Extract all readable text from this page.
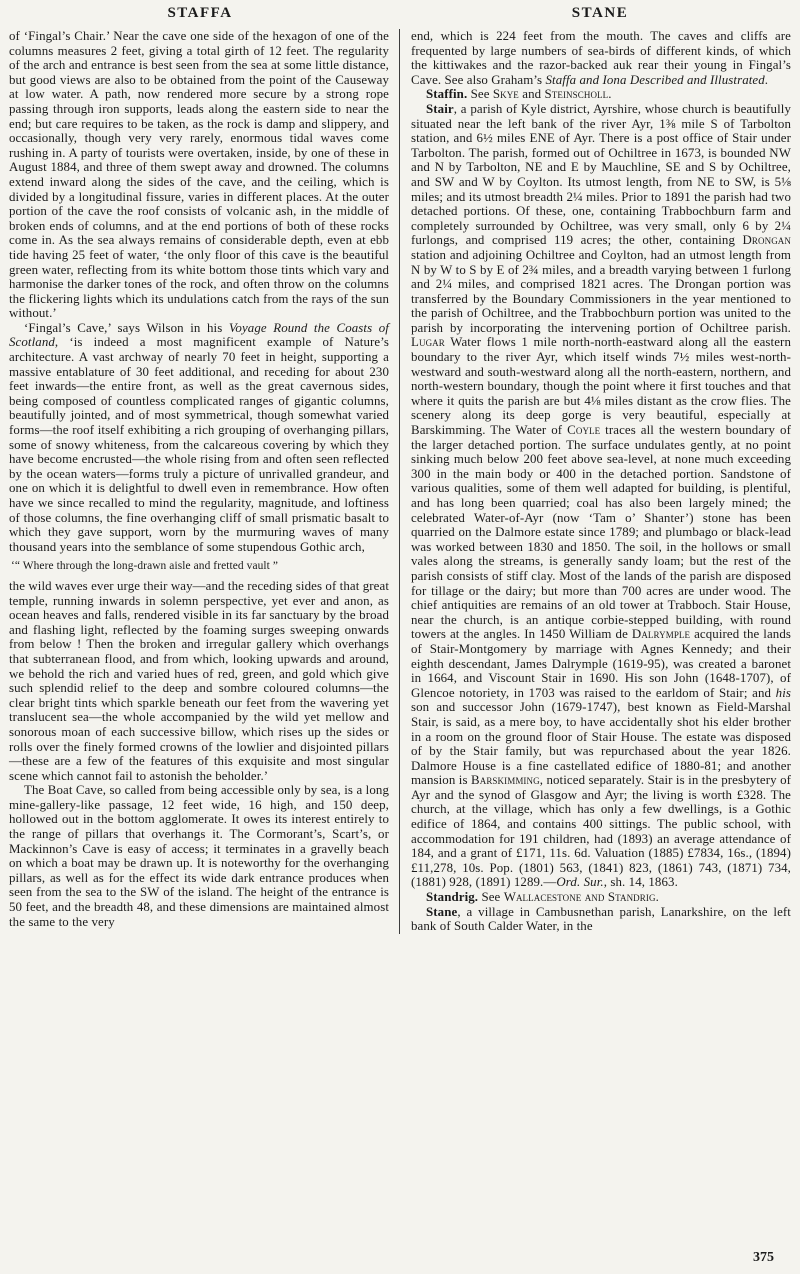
STAFFA	STANE

of ‘Fingal’s Chair.’ Near the cave one side of the hexagon of one of the columns measures 2 feet, giving a total girth of 12 feet. The regularity of the arch and entrance is best seen from the sea at some little distance, but good views are also to be obtained from the point of the Causeway at low water. A path, now rendered more secure by a strong rope passing through iron supports, leads along the eastern side to near the end; but care requires to be taken, as the rock is damp and slippery, and occasionally, though very very rarely, enormous tidal waves come rushing in. A party of tourists were overtaken, inside, by one of these in August 1884, and three of them swept away and drowned. The columns extend inward along the sides of the cave, and the ceiling, which is divided by a longitudinal fissure, varies in different places. At the outer portion of the cave the roof consists of volcanic ash, in the middle of broken ends of columns, and at the end portions of both of these rocks come in. As the sea always remains of considerable depth, even at ebb tide having 25 feet of water, ‘the only floor of this cave is the beautiful green water, reflecting from its white bottom those tints which vary and harmonise the darker tones of the rock, and often throw on the columns the flickering lights which its undulations catch from the rays of the sun without.’

‘Fingal’s Cave,’ says Wilson in his Voyage Round the Coasts of Scotland, ‘is indeed a most magnificent example of Nature’s architecture. A vast archway of nearly 70 feet in height, supporting a massive entablature of 30 feet additional, and receding for about 230 feet inwards—the entire front, as well as the great cavernous sides, being composed of countless complicated ranges of gigantic columns, beautifully jointed, and of most symmetrical, though somewhat varied forms—the roof itself exhibiting a rich grouping of overhanging pillars, some of snowy whiteness, from the calcareous covering by which they have become encrusted—the whole rising from and often seen reflected by the ocean waters—forms truly a picture of unrivalled grandeur, and one on which it is delightful to dwell even in remembrance. How often have we since recalled to mind the regularity, magnitude, and loftiness of those columns, the fine overhanging cliff of small prismatic basalt to which they gave support, worn by the murmuring waves of many thousand years into the semblance of some stupendous Gothic arch,

‘“ Where through the long-drawn aisle and fretted vault ”

the wild waves ever urge their way—and the receding sides of that great temple, running inwards in solemn perspective, yet ever and anon, as ocean heaves and falls, rendered visible in its far sanctuary by the broad and flashing light, reflected by the foaming surges sweeping onwards from below ! Then the broken and irregular gallery which overhangs that subterranean flood, and from which, looking upwards and around, we behold the rich and varied hues of red, green, and gold which give such splendid relief to the deep and sombre coloured columns—the clear bright tints which sparkle beneath our feet from the wavering yet translucent sea—the whole accompanied by the wild yet mellow and sonorous moan of each successive billow, which rises up the sides or rolls over the finely formed crowns of the lowlier and disjointed pillars—these are a few of the features of this exquisite and most singular scene which cannot fail to astonish the beholder.’

The Boat Cave, so called from being accessible only by sea, is a long mine-gallery-like passage, 12 feet wide, 16 high, and 150 deep, hollowed out in the bottom agglomerate. It owes its interest entirely to the range of pillars that overhangs it. The Cormorant’s, Scart’s, or Mackinnon’s Cave is easy of access; it terminates in a gravelly beach on which a boat may be drawn up. It is noteworthy for the overhanging pillars, as well as for the effect its wide dark entrance produces when seen from the sea to the SW of the island. The height of the entrance is 50 feet, and the breadth 48, and these dimensions are maintained almost the same to the very

end, which is 224 feet from the mouth. The caves and cliffs are frequented by large numbers of sea-birds of different kinds, of which the kittiwakes and the razor-backed auk rear their young in Fingal’s Cave. See also Graham’s Staffa and Iona Described and Illustrated.

Staffin. See Skye and Steinscholl.

Stair, a parish of Kyle district, Ayrshire, whose church is beautifully situated near the left bank of the river Ayr, 1⅜ mile S of Tarbolton station, and 6½ miles ENE of Ayr. There is a post office of Stair under Tarbolton. The parish, formed out of Ochiltree in 1673, is bounded NW and N by Tarbolton, NE and E by Mauchline, SE and S by Ochiltree, and SW and W by Coylton. Its utmost length, from NE to SW, is 5⅛ miles; and its utmost breadth 2¼ miles. Prior to 1891 the parish had two detached portions. Of these, one, containing Trabbochburn farm and completely surrounded by Ochiltree, was very small, only 6 by 2¼ furlongs, and comprised 119 acres; the other, containing Drongan station and adjoining Ochiltree and Coylton, had an utmost length from N by W to S by E of 2¾ miles, and a breadth varying between 1 furlong and 2¼ miles, and comprised 1821 acres. The Drongan portion was transferred by the Boundary Commissioners in the year mentioned to the parish of Ochiltree, and the Trabbochburn portion was united to the parish by incorporating the intervening portion of Ochiltree parish. Lugar Water flows 1 mile north-north-eastward along all the eastern boundary to the river Ayr, which itself winds 7½ miles west-north-westward and south-westward along all the north-eastern, northern, and north-western boundary, though the point where it first touches and that where it quits the parish are but 4⅛ miles distant as the crow flies. The scenery along its deep gorge is very beautiful, especially at Barskimming. The Water of Coyle traces all the western boundary of the larger detached portion. The surface undulates gently, at no point sinking much below 200 feet above sea-level, at none much exceeding 300 in the main body or 400 in the detached portion. Sandstone of various qualities, some of them well adapted for building, is plentiful, and has long been quarried; coal has also been largely mined; the celebrated Water-of-Ayr (now ‘Tam o’ Shanter’) stone has been quarried on the Dalmore estate since 1789; and plumbago or black-lead was worked between 1830 and 1850. The soil, in the hollows or small vales along the streams, is generally sandy loam; but the rest of the parish consists of stiff clay. Most of the lands of the parish are disposed for tillage or the dairy; but more than 700 acres are under wood. The chief antiquities are remains of an old tower at Trabboch. Stair House, near the church, is an antique corbie-stepped building, with round towers at the angles. In 1450 William de Dalrymple acquired the lands of Stair-Montgomery by marriage with Agnes Kennedy; and their eighth descendant, James Dalrymple (1619-95), was created a baronet in 1664, and Viscount Stair in 1690. His son John (1648-1707), of Glencoe notoriety, in 1703 was raised to the earldom of Stair; and his son and successor John (1679-1747), best known as Field-Marshal Stair, is said, as a mere boy, to have accidentally shot his elder brother in a room on the ground floor of Stair House. The estate was disposed of by the Stair family, but was repurchased about the year 1826. Dalmore House is a fine castellated edifice of 1880-81; and another mansion is Barskimming, noticed separately. Stair is in the presbytery of Ayr and the synod of Glasgow and Ayr; the living is worth £328. The church, at the village, which has only a few dwellings, is a Gothic edifice of 1864, and contains 400 sittings. The public school, with accommodation for 191 children, had (1893) an average attendance of 184, and a grant of £171, 11s. 6d. Valuation (1885) £7834, 16s., (1894) £11,278, 10s. Pop. (1801) 563, (1841) 823, (1861) 743, (1871) 734, (1881) 928, (1891) 1289.—Ord. Sur., sh. 14, 1863.

Standrig. See Wallacestone and Standrig.

Stane, a village in Cambusnethan parish, Lanarkshire, on the left bank of South Calder Water, in the

375
